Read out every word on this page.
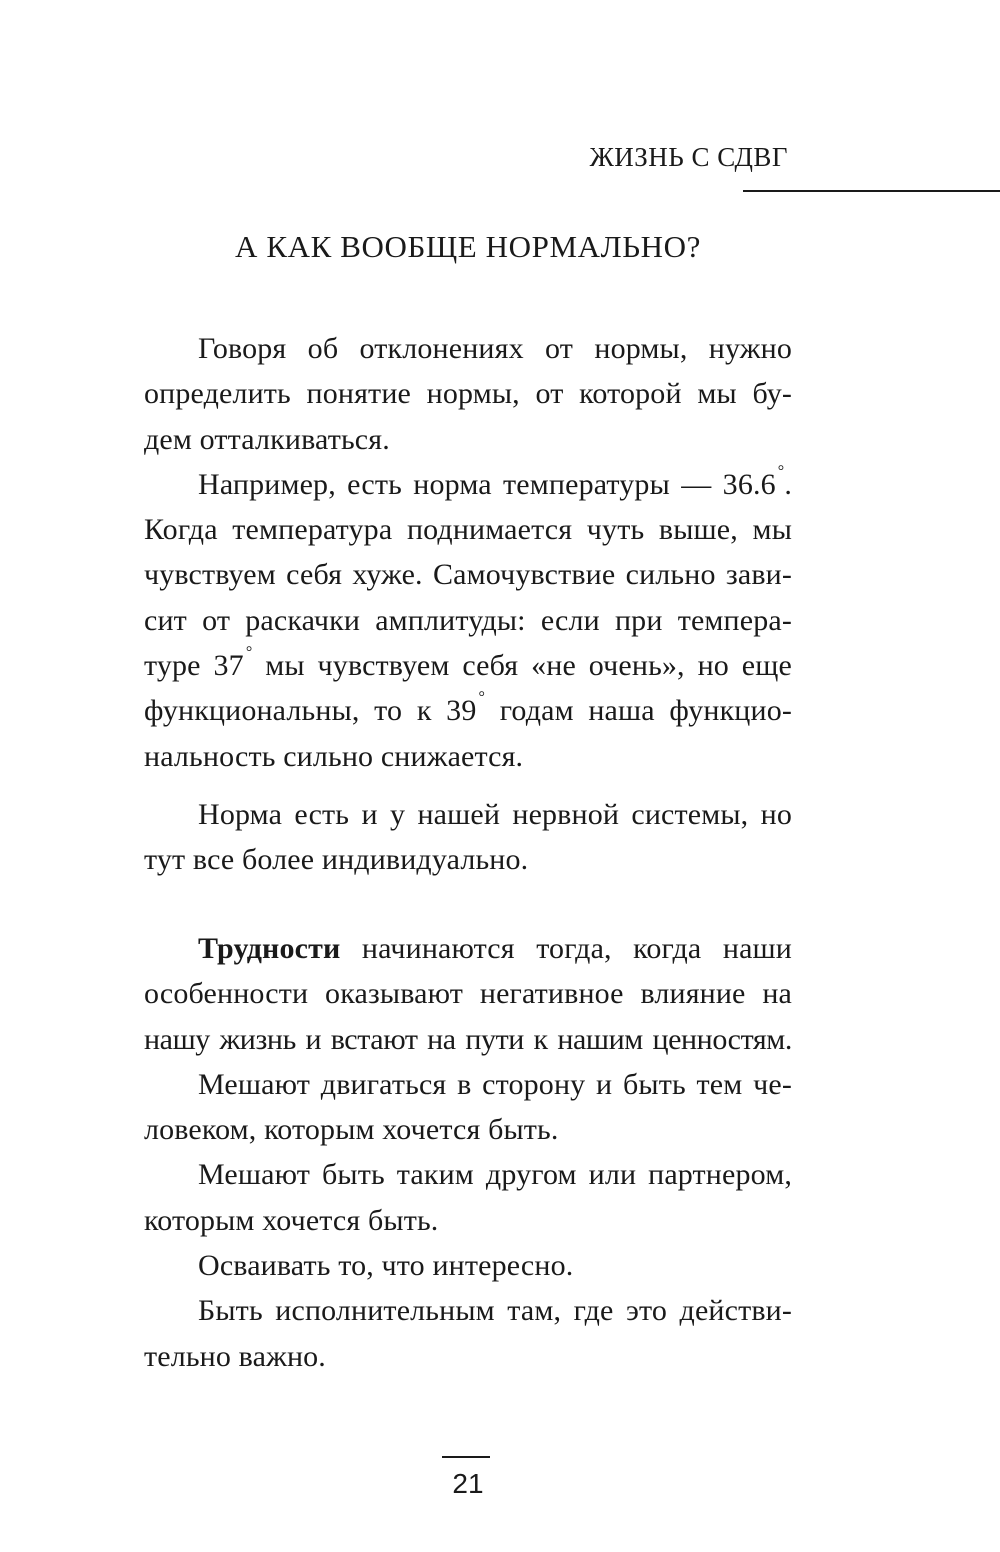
ЖИЗНЬ С СДВГ
А КАК ВООБЩЕ НОРМАЛЬНО?
Говоря об отклонениях от нормы, нужно
определить понятие нормы, от которой мы бу-
дем отталкиваться.
Например, есть норма температуры — 36.6 °.
Когда температура поднимается чуть выше, мы
чувствуем себя хуже. Самочувствие сильно зави-
сит от раскачки амплитуды: если при темпера-
туре 37 ° мы чувствуем себя «не очень», но еще
функциональны, то к 39 ° годам наша функцио-
нальность сильно снижается.
Норма есть и у нашей нервной системы, но
тут все более индивидуально.
Трудности начинаются тогда, когда наши
особенности оказывают негативное влияние на
нашу жизнь и встают на пути к нашим ценностям.
Мешают двигаться в сторону и быть тем че-
ловеком, которым хочется быть.
Мешают быть таким другом или партнером,
которым хочется быть.
Осваивать то, что интересно.
Быть исполнительным там, где это действи-
тельно важно.
21
